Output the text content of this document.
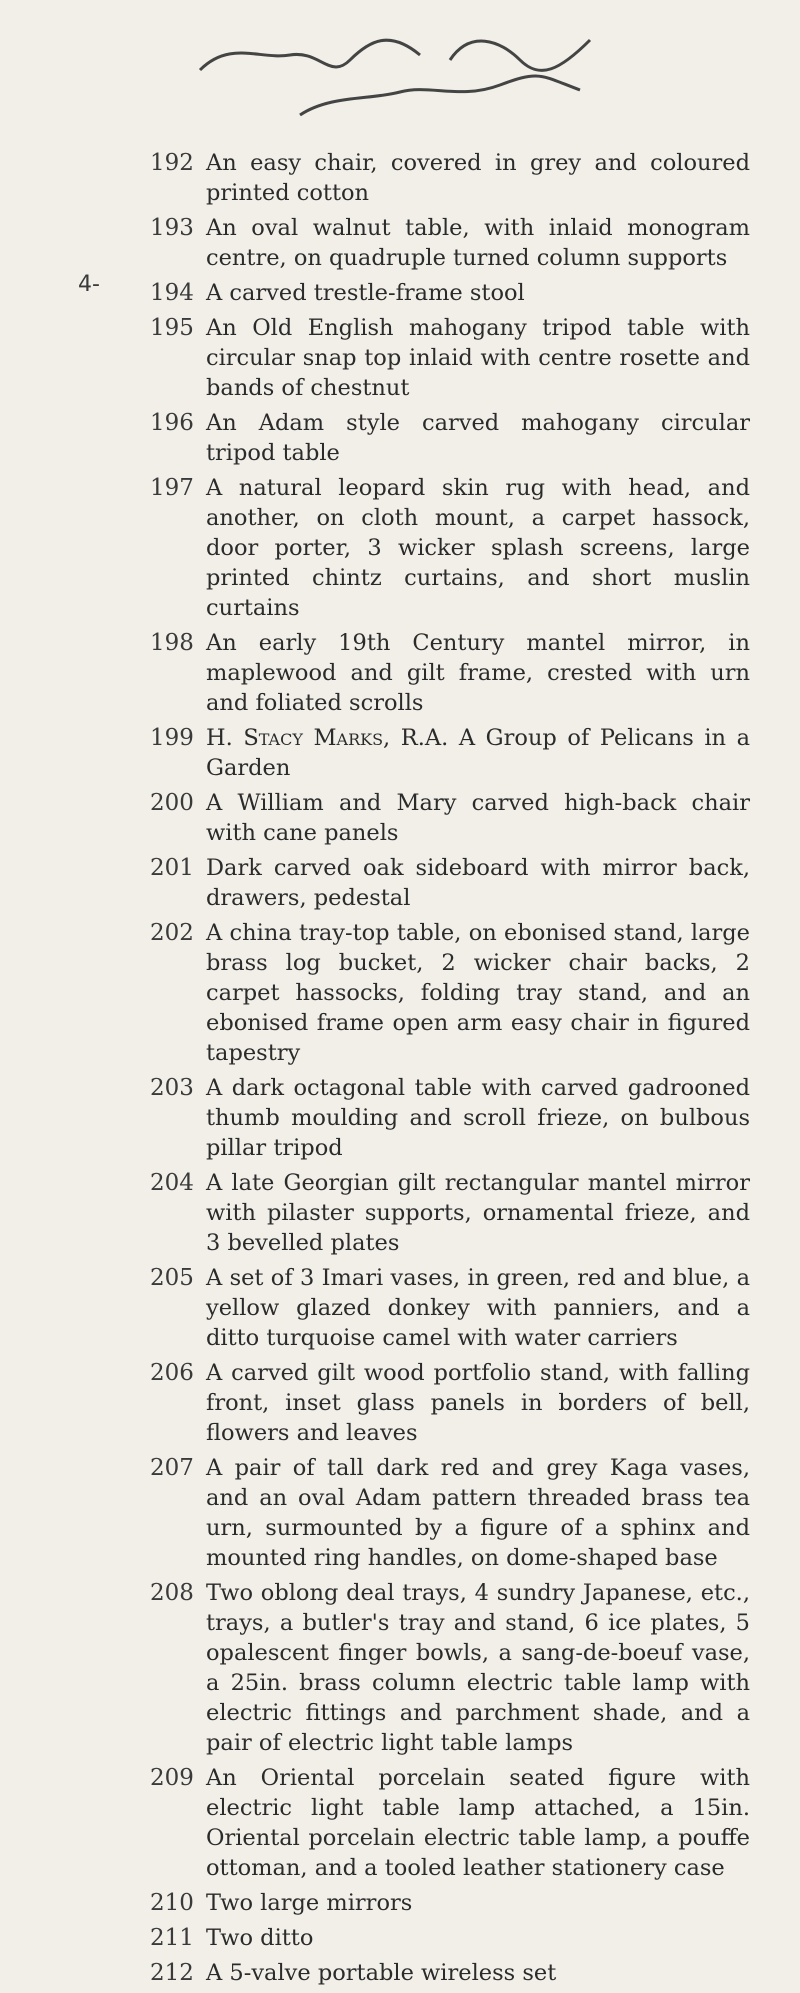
4-
192 An easy chair, covered in grey and coloured printed cotton
193 An oval walnut table, with inlaid monogram centre, on quadruple turned column supports
194 A carved trestle-frame stool
195 An Old English mahogany tripod table with circular snap top inlaid with centre rosette and bands of chestnut
196 An Adam style carved mahogany circular tripod table
197 A natural leopard skin rug with head, and another, on cloth mount, a carpet hassock, door porter, 3 wicker splash screens, large printed chintz curtains, and short muslin curtains
198 An early 19th Century mantel mirror, in maplewood and gilt frame, crested with urn and foliated scrolls
199 H. Stacy Marks, R.A. A Group of Pelicans in a Garden
200 A William and Mary carved high-back chair with cane panels
201 Dark carved oak sideboard with mirror back, drawers, pedestal
202 A china tray-top table, on ebonised stand, large brass log bucket, 2 wicker chair backs, 2 carpet hassocks, folding tray stand, and an ebonised frame open arm easy chair in figured tapestry
203 A dark octagonal table with carved gadrooned thumb moulding and scroll frieze, on bulbous pillar tripod
204 A late Georgian gilt rectangular mantel mirror with pilaster supports, ornamental frieze, and 3 bevelled plates
205 A set of 3 Imari vases, in green, red and blue, a yellow glazed donkey with panniers, and a ditto turquoise camel with water carriers
206 A carved gilt wood portfolio stand, with falling front, inset glass panels in borders of bell, flowers and leaves
207 A pair of tall dark red and grey Kaga vases, and an oval Adam pattern threaded brass tea urn, surmounted by a figure of a sphinx and mounted ring handles, on dome-shaped base
208 Two oblong deal trays, 4 sundry Japanese, etc., trays, a butler's tray and stand, 6 ice plates, 5 opalescent finger bowls, a sang-de-boeuf vase, a 25in. brass column electric table lamp with electric fittings and parchment shade, and a pair of electric light table lamps
209 An Oriental porcelain seated figure with electric light table lamp attached, a 15in. Oriental porcelain electric table lamp, a pouffe ottoman, and a tooled leather stationery case
210 Two large mirrors
211 Two ditto
212 A 5-valve portable wireless set
